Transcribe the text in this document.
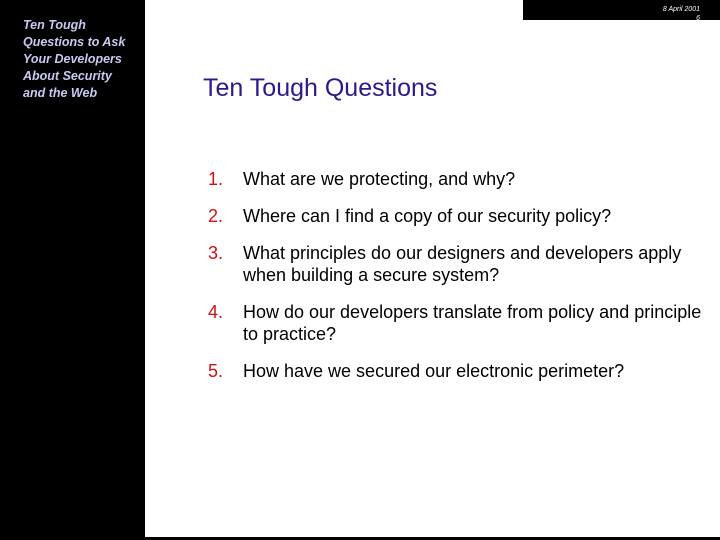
Ten Tough Questions to Ask Your Developers About Security and the Web
8 April 2001
6
Ten Tough Questions
1. What are we protecting, and why?
2. Where can I find a copy of our security policy?
3. What principles do our designers and developers apply when building a secure system?
4. How do our developers translate from policy and principle to practice?
5. How have we secured our electronic perimeter?
